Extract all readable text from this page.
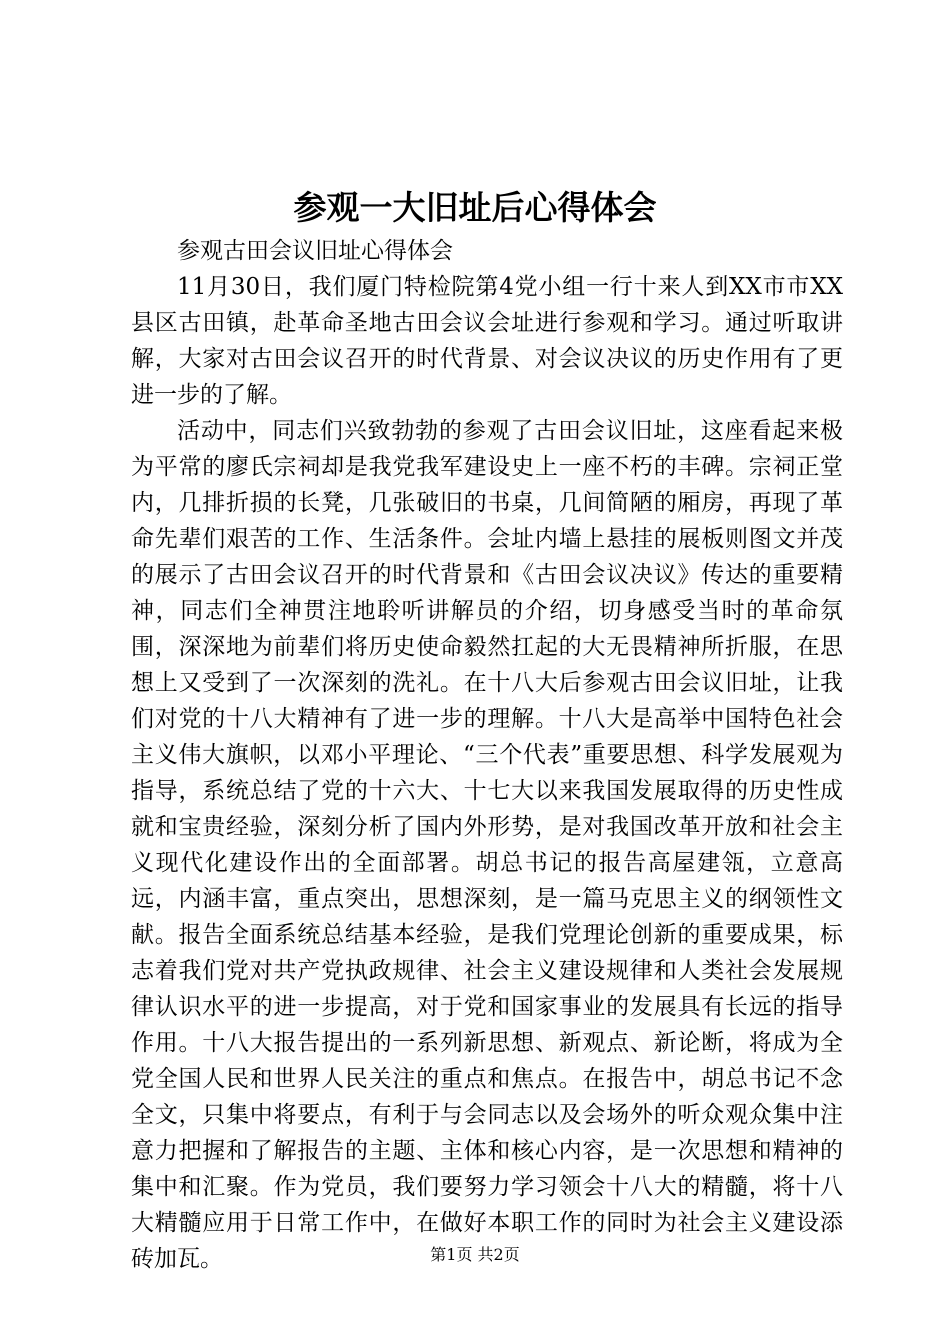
参观一大旧址后心得体会

参观古田会议旧址心得体会

11月30日，我们厦门特检院第4党小组一行十来人到XX市市XX县区古田镇，赴革命圣地古田会议会址进行参观和学习。通过听取讲解，大家对古田会议召开的时代背景、对会议决议的历史作用有了更进一步的了解。

活动中，同志们兴致勃勃的参观了古田会议旧址，这座看起来极为平常的廖氏宗祠却是我党我军建设史上一座不朽的丰碑。宗祠正堂内，几排折损的长凳，几张破旧的书桌，几间简陋的厢房，再现了革命先辈们艰苦的工作、生活条件。会址内墙上悬挂的展板则图文并茂的展示了古田会议召开的时代背景和《古田会议决议》传达的重要精神，同志们全神贯注地聆听讲解员的介绍，切身感受当时的革命氛围，深深地为前辈们将历史使命毅然扛起的大无畏精神所折服，在思想上又受到了一次深刻的洗礼。在十八大后参观古田会议旧址，让我们对党的十八大精神有了进一步的理解。十八大是高举中国特色社会主义伟大旗帜，以邓小平理论、“三个代表”重要思想、科学发展观为指导，系统总结了党的十六大、十七大以来我国发展取得的历史性成就和宝贵经验，深刻分析了国内外形势，是对我国改革开放和社会主义现代化建设作出的全面部署。胡总书记的报告高屋建瓴，立意高远，内涵丰富，重点突出，思想深刻，是一篇马克思主义的纲领性文献。报告全面系统总结基本经验，是我们党理论创新的重要成果，标志着我们党对共产党执政规律、社会主义建设规律和人类社会发展规律认识水平的进一步提高，对于党和国家事业的发展具有长远的指导作用。十八大报告提出的一系列新思想、新观点、新论断，将成为全党全国人民和世界人民关注的重点和焦点。在报告中，胡总书记不念全文，只集中将要点，有利于与会同志以及会场外的听众观众集中注意力把握和了解报告的主题、主体和核心内容，是一次思想和精神的集中和汇聚。作为党员，我们要努力学习领会十八大的精髓，将十八大精髓应用于日常工作中，在做好本职工作的同时为社会主义建设添砖加瓦。	第1页 共2页
